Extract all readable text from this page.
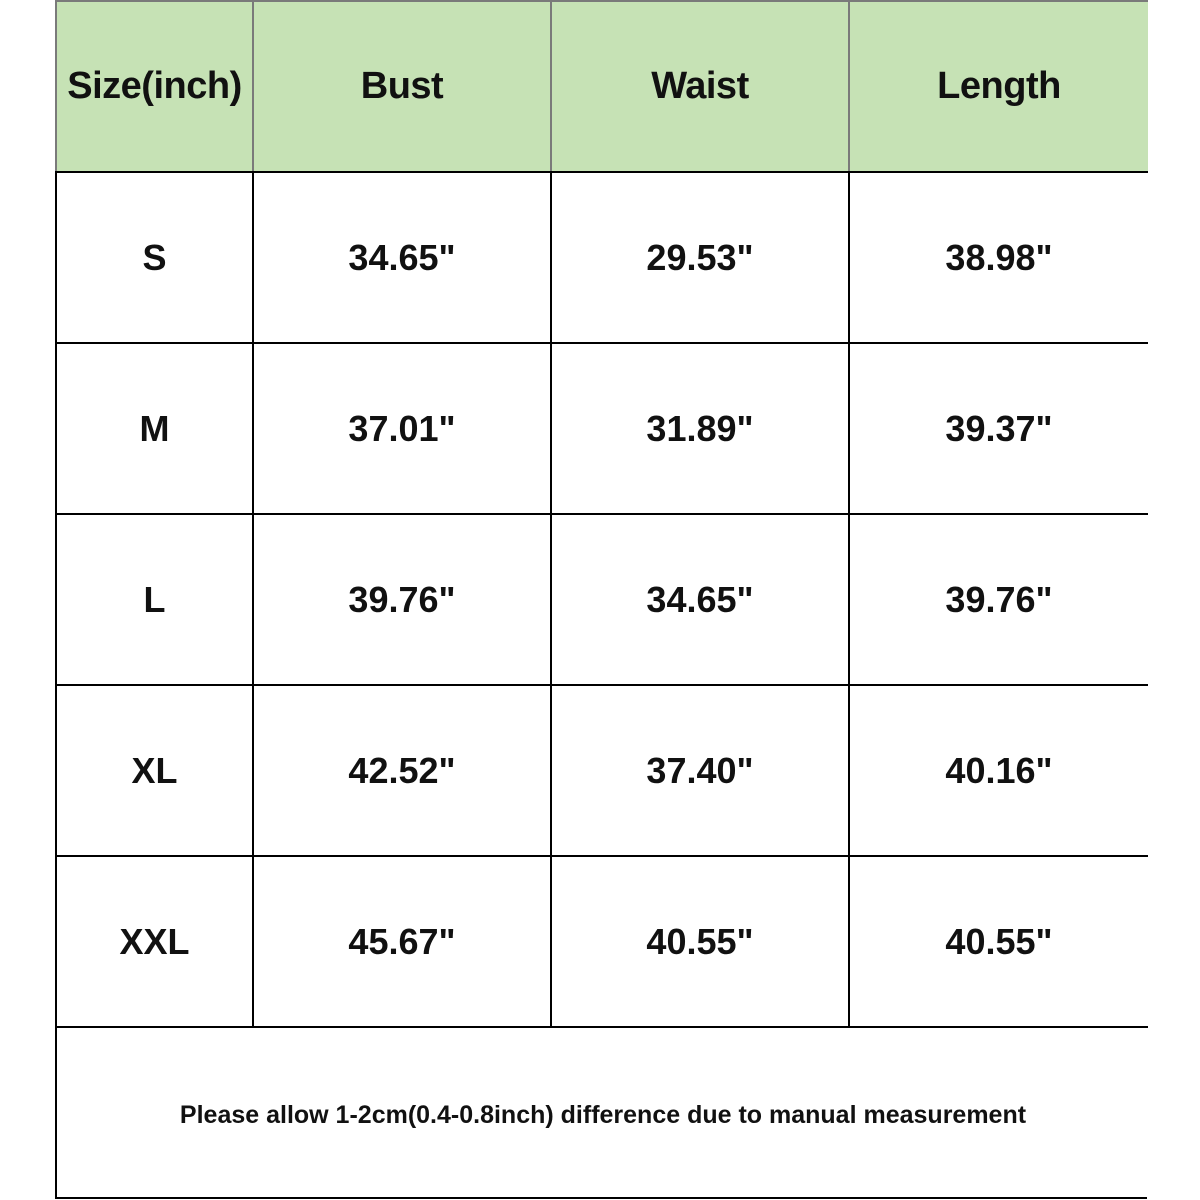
Size(inch)	Bust	Waist	Length
S	34.65"	29.53"	38.98"
M	37.01"	31.89"	39.37"
L	39.76"	34.65"	39.76"
XL	42.52"	37.40"	40.16"
XXL	45.67"	40.55"	40.55"
Please allow 1-2cm(0.4-0.8inch) difference due to manual measurement
